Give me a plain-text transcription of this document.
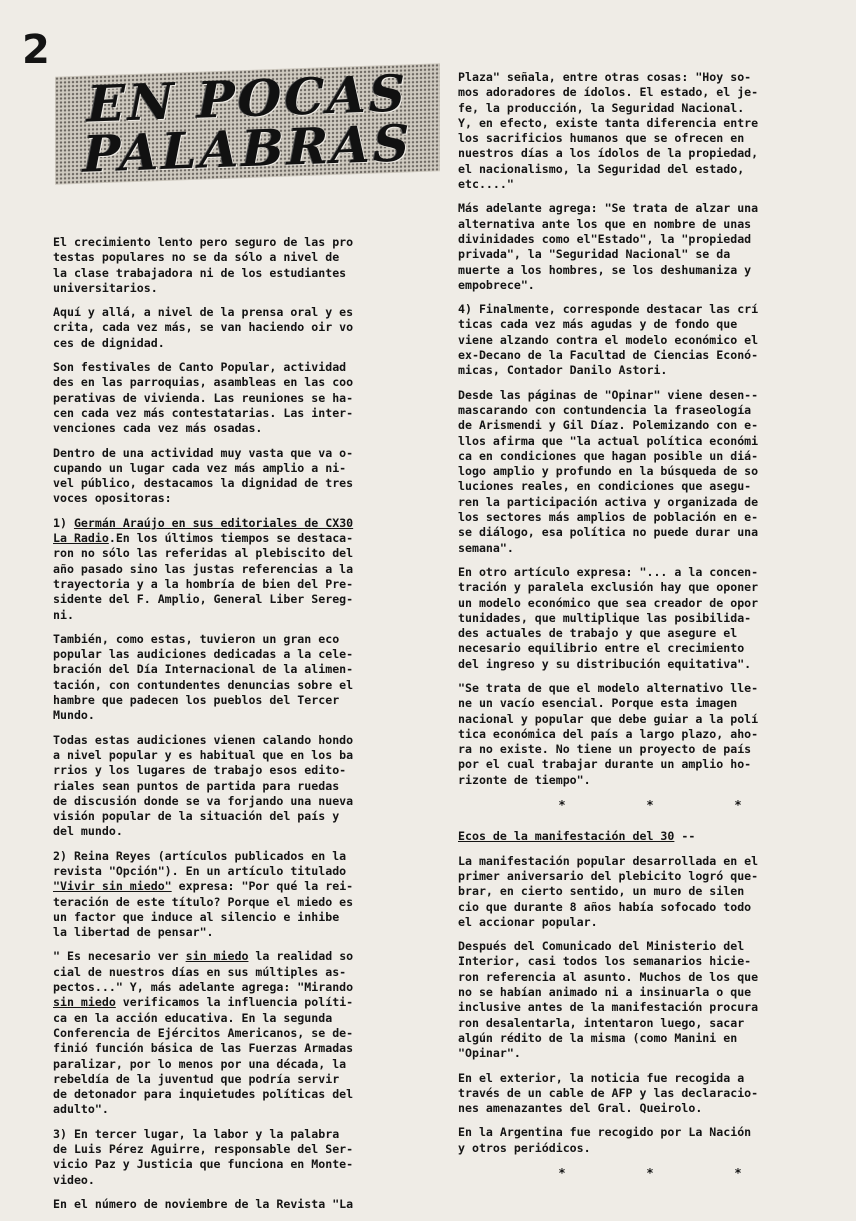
2
EN POCAS
PALABRAS

El crecimiento lento pero seguro de las pro
testas populares no se da sólo a nivel de
la clase trabajadora ni de los estudiantes
universitarios.

Aquí y allá, a nivel de la prensa oral y es
crita, cada vez más, se van haciendo oir vo
ces de dignidad.

Son festivales de Canto Popular, actividad
des en las parroquias, asambleas en las coo
perativas de vivienda. Las reuniones se ha-
cen cada vez más contestatarias. Las inter-
venciones cada vez más osadas.

Dentro de una actividad muy vasta que va o-
cupando un lugar cada vez más amplio a ni-
vel público, destacamos la dignidad de tres
voces opositoras:

1) Germán Araújo en sus editoriales de CX30
La Radio.En los últimos tiempos se destaca-
ron no sólo las referidas al plebiscito del
año pasado sino las justas referencias a la
trayectoria y a la hombría de bien del Pre-
sidente del F. Amplio, General Liber Sereg-
ni.

También, como estas, tuvieron un gran eco
popular las audiciones dedicadas a la cele-
bración del Día Internacional de la alimen-
tación, con contundentes denuncias sobre el
hambre que padecen los pueblos del Tercer
Mundo.

Todas estas audiciones vienen calando hondo
a nivel popular y es habitual que en los ba
rrios y los lugares de trabajo esos edito-
riales sean puntos de partida para ruedas
de discusión donde se va forjando una nueva
visión popular de la situación del país y
del mundo.

2) Reina Reyes (artículos publicados en la
revista "Opción"). En un artículo titulado
"Vivir sin miedo" expresa: "Por qué la rei-
teración de este título? Porque el miedo es
un factor que induce al silencio e inhibe
la libertad de pensar".

" Es necesario ver sin miedo la realidad so
cial de nuestros días en sus múltiples as-
pectos..." Y, más adelante agrega: "Mirando
sin miedo verificamos la influencia políti-
ca en la acción educativa. En la segunda
Conferencia de Ejércitos Americanos, se de-
finió función básica de las Fuerzas Armadas
paralizar, por lo menos por una década, la
rebeldía de la juventud que podría servir
de detonador para inquietudes políticas del
adulto".

3) En tercer lugar, la labor y la palabra
de Luis Pérez Aguirre, responsable del Ser-
vicio Paz y Justicia que funciona en Monte-
video.

En el número de noviembre de la Revista "La

Plaza" señala, entre otras cosas: "Hoy so-
mos adoradores de ídolos. El estado, el je-
fe, la producción, la Seguridad Nacional.
Y, en efecto, existe tanta diferencia entre
los sacrificios humanos que se ofrecen en
nuestros días a los ídolos de la propiedad,
el nacionalismo, la Seguridad del estado,
etc...."

Más adelante agrega: "Se trata de alzar una
alternativa ante los que en nombre de unas
divinidades como el"Estado", la "propiedad
privada", la "Seguridad Nacional" se da
muerte a los hombres, se los deshumaniza y
empobrece".

4) Finalmente, corresponde destacar las crí
ticas cada vez más agudas y de fondo que
viene alzando contra el modelo económico el
ex-Decano de la Facultad de Ciencias Econó-
micas, Contador Danilo Astori.

Desde las páginas de "Opinar" viene desen--
mascarando con contundencia la fraseología
de Arismendi y Gil Díaz. Polemizando con e-
llos afirma que "la actual política económi
ca en condiciones que hagan posible un diá-
logo amplio y profundo en la búsqueda de so
luciones reales, en condiciones que asegu-
ren la participación activa y organizada de
los sectores más amplios de población en e-
se diálogo, esa política no puede durar una
semana".

En otro artículo expresa: "... a la concen-
tración y paralela exclusión hay que oponer
un modelo económico que sea creador de opor
tunidades, que multiplique las posibilida-
des actuales de trabajo y que asegure el
necesario equilibrio entre el crecimiento
del ingreso y su distribución equitativa".

"Se trata de que el modelo alternativo lle-
ne un vacío esencial. Porque esta imagen
nacional y popular que debe guiar a la polí
tica económica del país a largo plazo, aho-
ra no existe. No tiene un proyecto de país
por el cual trabajar durante un amplio ho-
rizonte de tiempo".

*	*	*

Ecos de la manifestación del 30 --

La manifestación popular desarrollada en el
primer aniversario del plebicito logró que-
brar, en cierto sentido, un muro de silen
cio que durante 8 años había sofocado todo
el accionar popular.

Después del Comunicado del Ministerio del
Interior, casi todos los semanarios hicie-
ron referencia al asunto. Muchos de los que
no se habían animado ni a insinuarla o que
inclusive antes de la manifestación procura
ron desalentarla, intentaron luego, sacar
algún rédito de la misma (como Manini en
"Opinar".

En el exterior, la noticia fue recogida a
través de un cable de AFP y las declaracio-
nes amenazantes del Gral. Queirolo.

En la Argentina fue recogido por La Nación
y otros periódicos.

*	*	*
